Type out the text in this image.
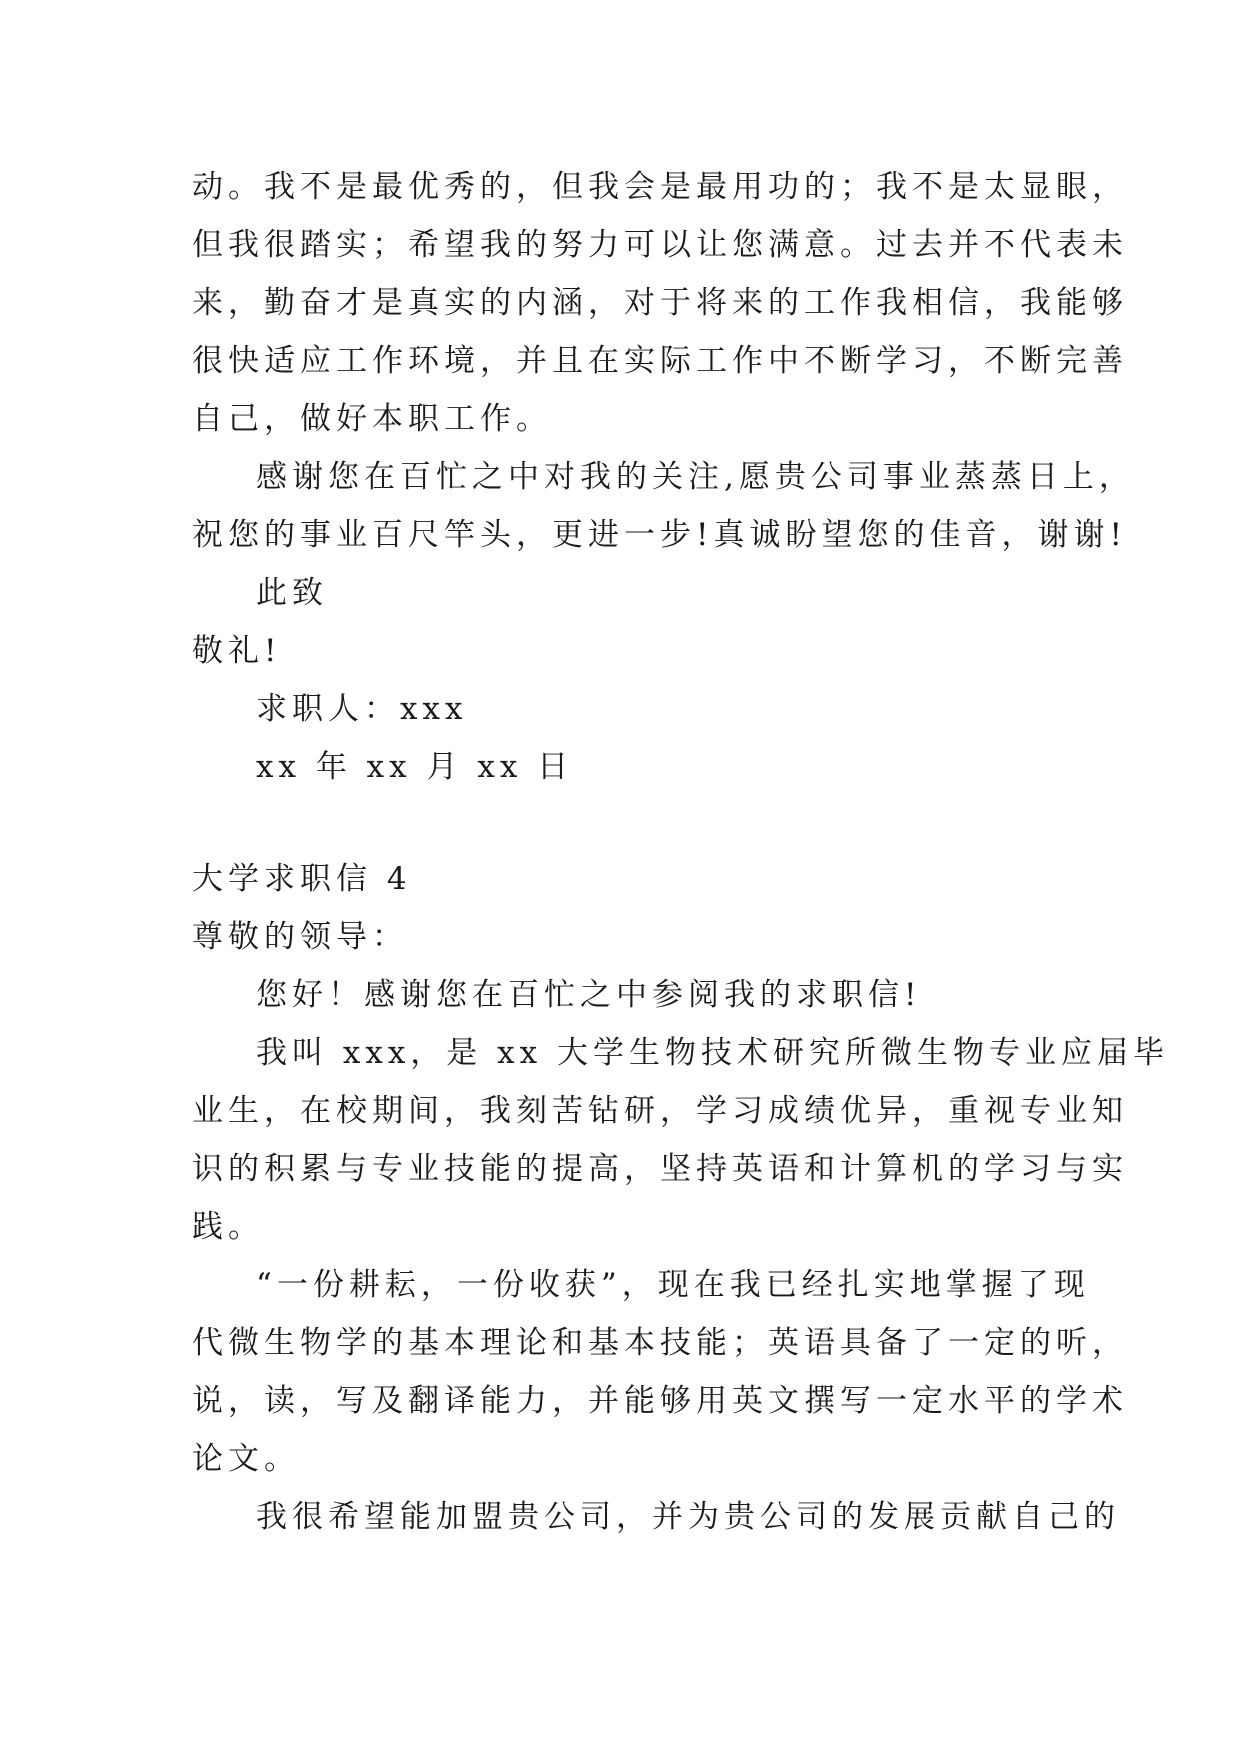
动。我不是最优秀的，但我会是最用功的；我不是太显眼，

但我很踏实；希望我的努力可以让您满意。过去并不代表未

来，勤奋才是真实的内涵，对于将来的工作我相信，我能够

很快适应工作环境，并且在实际工作中不断学习，不断完善

自己，做好本职工作。

感谢您在百忙之中对我的关注,愿贵公司事业蒸蒸日上，

祝您的事业百尺竿头，更进一步!真诚盼望您的佳音，谢谢!

此致

敬礼!

求职人：xxx

xx 年 xx 月 xx 日

大学求职信 4

尊敬的领导：

您好！感谢您在百忙之中参阅我的求职信!

我叫 xxx，是 xx 大学生物技术研究所微生物专业应届毕

业生，在校期间，我刻苦钻研，学习成绩优异，重视专业知

识的积累与专业技能的提高，坚持英语和计算机的学习与实

践。

“一份耕耘，一份收获”，现在我已经扎实地掌握了现

代微生物学的基本理论和基本技能；英语具备了一定的听，

说，读，写及翻译能力，并能够用英文撰写一定水平的学术

论文。

我很希望能加盟贵公司，并为贵公司的发展贡献自己的
